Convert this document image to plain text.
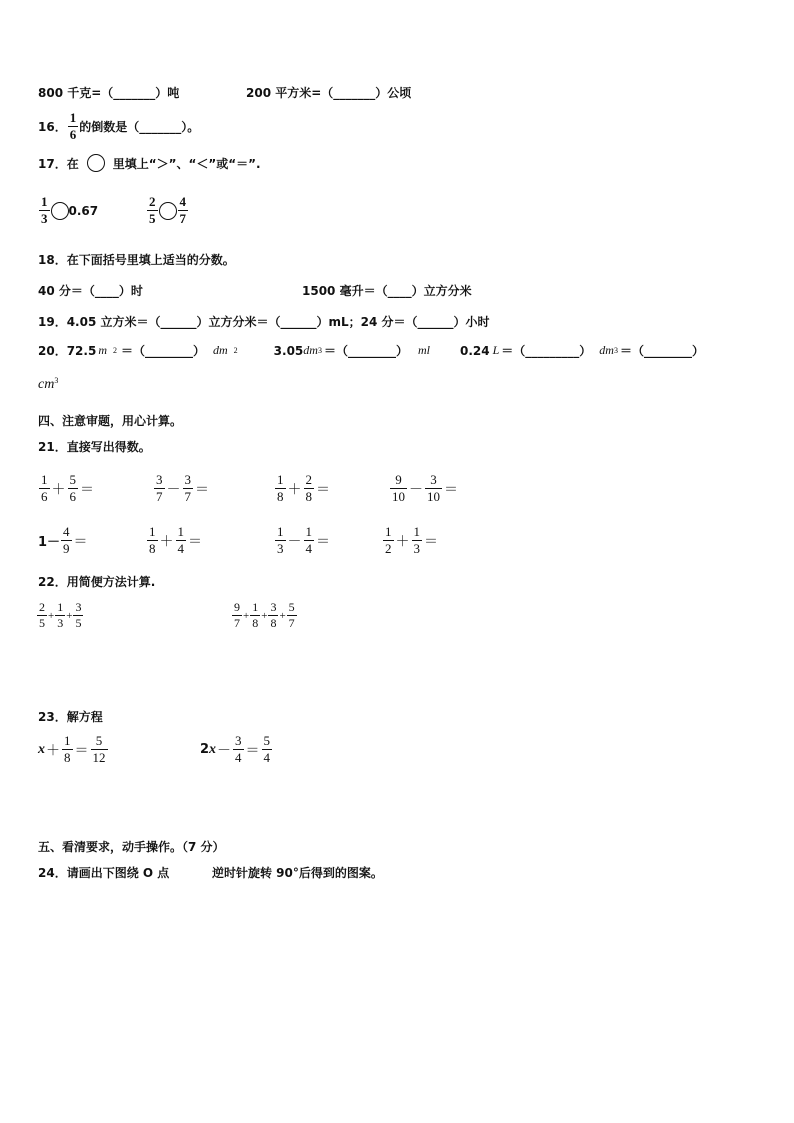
800 千克=（_______）吨	200 平方米=（_______）公顷
16． $\frac{1}{6}$ 的倒数是（_______）。
17．在	里填上“＞”、“＜”或“＝”.
$\frac{1}{3} 0.67$	$\frac{2}{5} \frac{4}{7}$
18．在下面括号里填上适当的分数。
40 分＝（____）时	1500 毫升＝（____）立方分米
19．4.05 立方米＝（______）立方分米＝（______）mL；24 分＝（______）小时
20．72.5 m 2 ＝（________） dm 2	3.05 dm 3 ＝（________） ml	0.24 L ＝（_________） dm 3 ＝（________）
$cm^3$
四、注意审题，用心计算。
21．直接写出得数。
$\frac{1}{6} + \frac{5}{6}$ ＝	$\frac{3}{7} - \frac{3}{7}$ ＝	$\frac{1}{8} + \frac{2}{8}$ ＝	$\frac{9}{10} - \frac{3}{10}$ ＝
$1- \frac{4}{9}$ ＝	$\frac{1}{8} + \frac{1}{4}$ ＝	$\frac{1}{3} - \frac{1}{4}$ ＝	$\frac{1}{2} + \frac{1}{3}$ ＝
22．用简便方法计算.
$\frac{2}{5} + \frac{1}{3} + \frac{3}{5}$	$\frac{9}{7} + \frac{1}{8} + \frac{3}{8} + \frac{5}{7}$
23．解方程
$x + \frac{1}{8} = \frac{5}{12}$	2 $x - \frac{3}{4} = \frac{5}{4}$
五、看清要求，动手操作。（7 分）
24．请画出下图绕 O 点	逆时针旋转 90°后得到的图案。
